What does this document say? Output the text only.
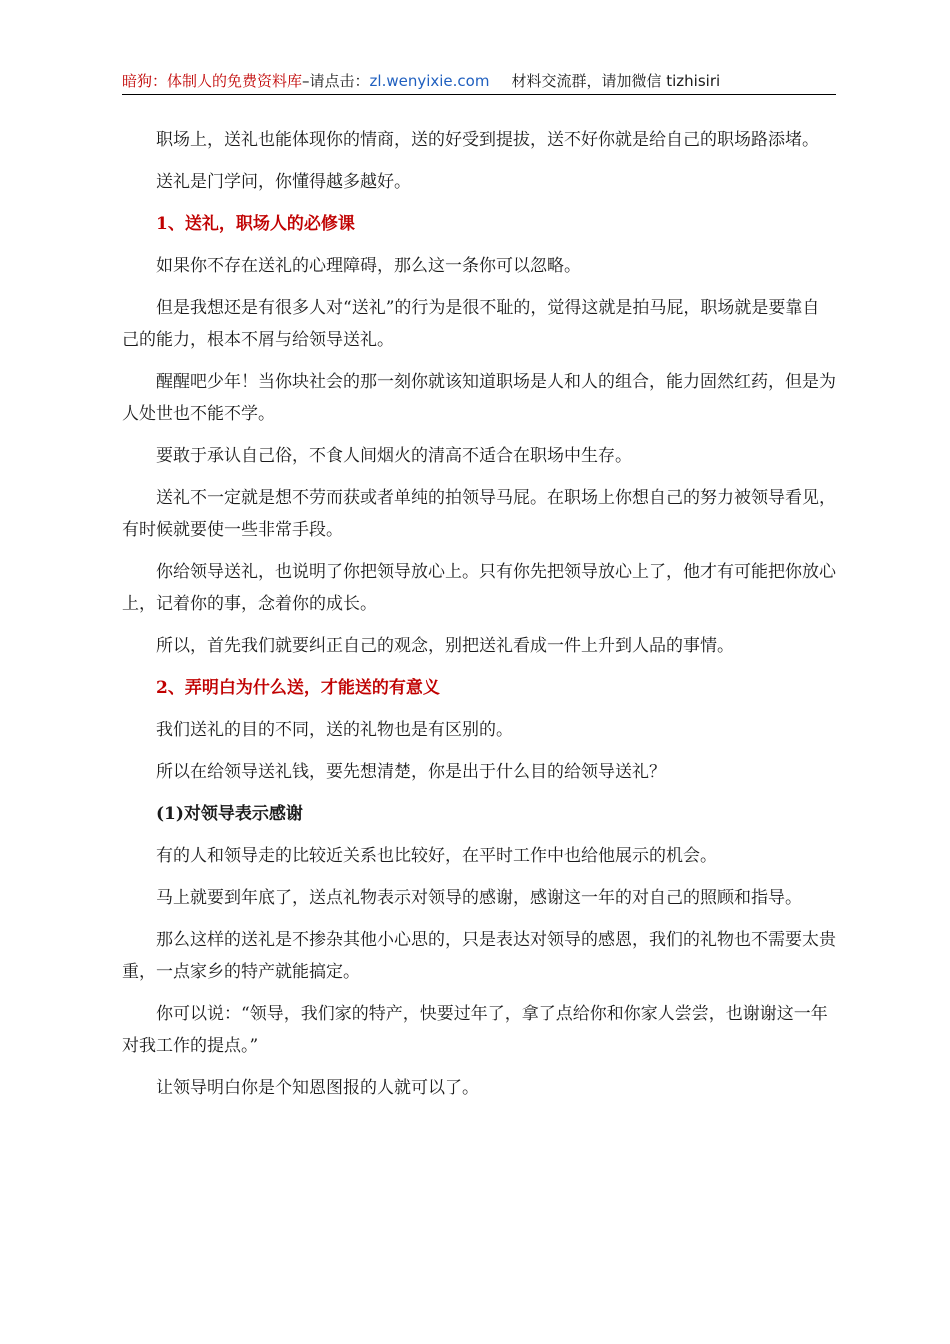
暗狗：体制人的免费资料库–请点击：zl.wenyixie.com 材料交流群，请加微信 tizhisiri

职场上，送礼也能体现你的情商，送的好受到提拔，送不好你就是给自己的职场路添堵。

送礼是门学问，你懂得越多越好。

1、送礼，职场人的必修课

如果你不存在送礼的心理障碍，那么这一条你可以忽略。

但是我想还是有很多人对“送礼”的行为是很不耻的，觉得这就是拍马屁，职场就是要靠自己的能力，根本不屑与给领导送礼。

醒醒吧少年！当你块社会的那一刻你就该知道职场是人和人的组合，能力固然红药，但是为人处世也不能不学。

要敢于承认自己俗，不食人间烟火的清高不适合在职场中生存。

送礼不一定就是想不劳而获或者单纯的拍领导马屁。在职场上你想自己的努力被领导看见，有时候就要使一些非常手段。

你给领导送礼，也说明了你把领导放心上。只有你先把领导放心上了，他才有可能把你放心上，记着你的事，念着你的成长。

所以，首先我们就要纠正自己的观念，别把送礼看成一件上升到人品的事情。

2、弄明白为什么送，才能送的有意义

我们送礼的目的不同，送的礼物也是有区别的。

所以在给领导送礼钱，要先想清楚，你是出于什么目的给领导送礼？

(1)对领导表示感谢

有的人和领导走的比较近关系也比较好，在平时工作中也给他展示的机会。

马上就要到年底了，送点礼物表示对领导的感谢，感谢这一年的对自己的照顾和指导。

那么这样的送礼是不掺杂其他小心思的，只是表达对领导的感恩，我们的礼物也不需要太贵重，一点家乡的特产就能搞定。

你可以说：“领导，我们家的特产，快要过年了，拿了点给你和你家人尝尝，也谢谢这一年对我工作的提点。”

让领导明白你是个知恩图报的人就可以了。
